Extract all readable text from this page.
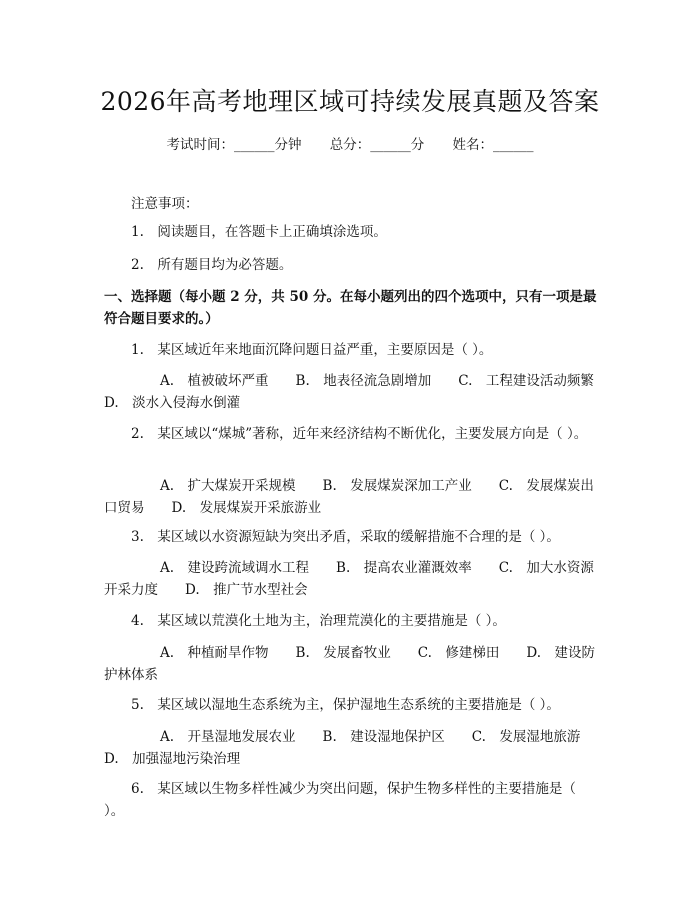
2026年高考地理区域可持续发展真题及答案
考试时间：______分钟 总分：______分 姓名：______
注意事项：
1.　阅读题目，在答题卡上正确填涂选项。
2.　所有题目均为必答题。
一、选择题（每小题 2 分，共 50 分。在每小题列出的四个选项中，只有一项是最符合题目要求的。）
1.　某区域近年来地面沉降问题日益严重，主要原因是（ ）。
A.　植被破坏严重　　B.　地表径流急剧增加　　C.　工程建设活动频繁　　D.　淡水入侵海水倒灌
2.　某区域以“煤城”著称，近年来经济结构不断优化，主要发展方向是（ ）。
A.　扩大煤炭开采规模　　B.　发展煤炭深加工产业　　C.　发展煤炭出口贸易　　D.　发展煤炭开采旅游业
3.　某区域以水资源短缺为突出矛盾，采取的缓解措施不合理的是（ ）。
A.　建设跨流域调水工程　　B.　提高农业灌溉效率　　C.　加大水资源开采力度　　D.　推广节水型社会
4.　某区域以荒漠化土地为主，治理荒漠化的主要措施是（ ）。
A.　种植耐旱作物　　B.　发展畜牧业　　C.　修建梯田　　D.　建设防护林体系
5.　某区域以湿地生态系统为主，保护湿地生态系统的主要措施是（ ）。
A.　开垦湿地发展农业　　B.　建设湿地保护区　　C.　发展湿地旅游　D.　加强湿地污染治理
6.　某区域以生物多样性减少为突出问题，保护生物多样性的主要措施是（ ）。
